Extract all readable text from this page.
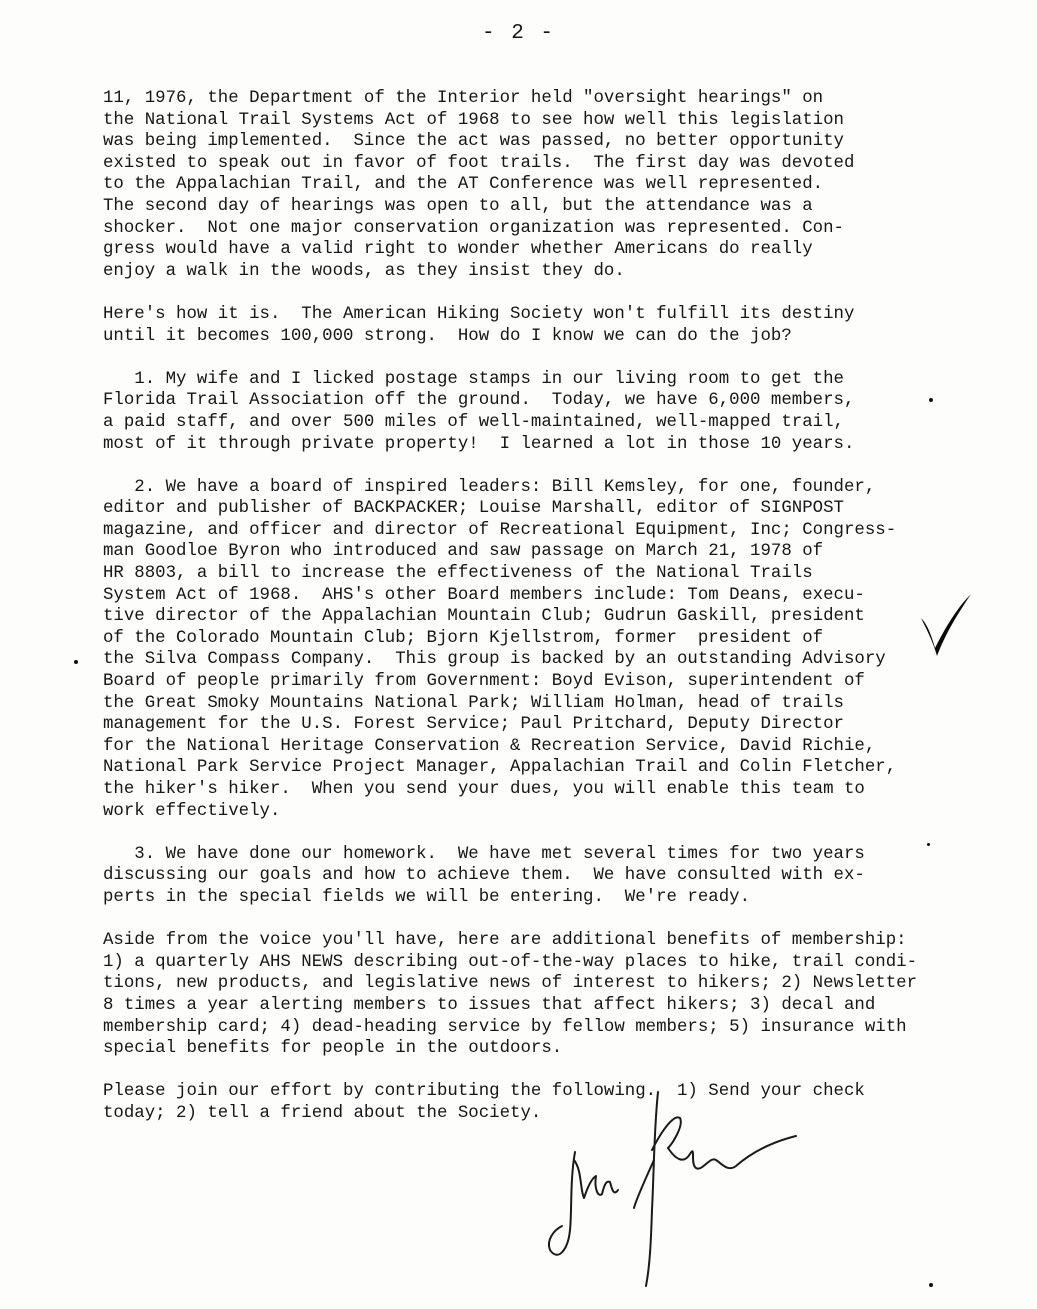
- 2 -

11, 1976, the Department of the Interior held "oversight hearings" on

the National Trail Systems Act of 1968 to see how well this legislation

was being implemented.  Since the act was passed, no better opportunity

existed to speak out in favor of foot trails.  The first day was devoted

to the Appalachian Trail, and the AT Conference was well represented.

The second day of hearings was open to all, but the attendance was a

shocker.  Not one major conservation organization was represented. Con-

gress would have a valid right to wonder whether Americans do really

enjoy a walk in the woods, as they insist they do.

Here's how it is.  The American Hiking Society won't fulfill its destiny

until it becomes 100,000 strong.  How do I know we can do the job?

1. My wife and I licked postage stamps in our living room to get the

Florida Trail Association off the ground.  Today, we have 6,000 members,

a paid staff, and over 500 miles of well-maintained, well-mapped trail,

most of it through private property!  I learned a lot in those 10 years.

2. We have a board of inspired leaders: Bill Kemsley, for one, founder,

editor and publisher of BACKPACKER; Louise Marshall, editor of SIGNPOST

magazine, and officer and director of Recreational Equipment, Inc; Congress-

man Goodloe Byron who introduced and saw passage on March 21, 1978 of

HR 8803, a bill to increase the effectiveness of the National Trails

System Act of 1968.  AHS's other Board members include: Tom Deans, execu-

tive director of the Appalachian Mountain Club; Gudrun Gaskill, president

of the Colorado Mountain Club; Bjorn Kjellstrom, former  president of

the Silva Compass Company.  This group is backed by an outstanding Advisory

Board of people primarily from Government: Boyd Evison, superintendent of

the Great Smoky Mountains National Park; William Holman, head of trails

management for the U.S. Forest Service; Paul Pritchard, Deputy Director

for the National Heritage Conservation & Recreation Service, David Richie,

National Park Service Project Manager, Appalachian Trail and Colin Fletcher,

the hiker's hiker.  When you send your dues, you will enable this team to

work effectively.

3. We have done our homework.  We have met several times for two years

discussing our goals and how to achieve them.  We have consulted with ex-

perts in the special fields we will be entering.  We're ready.

Aside from the voice you'll have, here are additional benefits of membership:

1) a quarterly AHS NEWS describing out-of-the-way places to hike, trail condi-

tions, new products, and legislative news of interest to hikers; 2) Newsletter

8 times a year alerting members to issues that affect hikers; 3) decal and

membership card; 4) dead-heading service by fellow members; 5) insurance with

special benefits for people in the outdoors.

Please join our effort by contributing the following.  1) Send your check

today; 2) tell a friend about the Society.
